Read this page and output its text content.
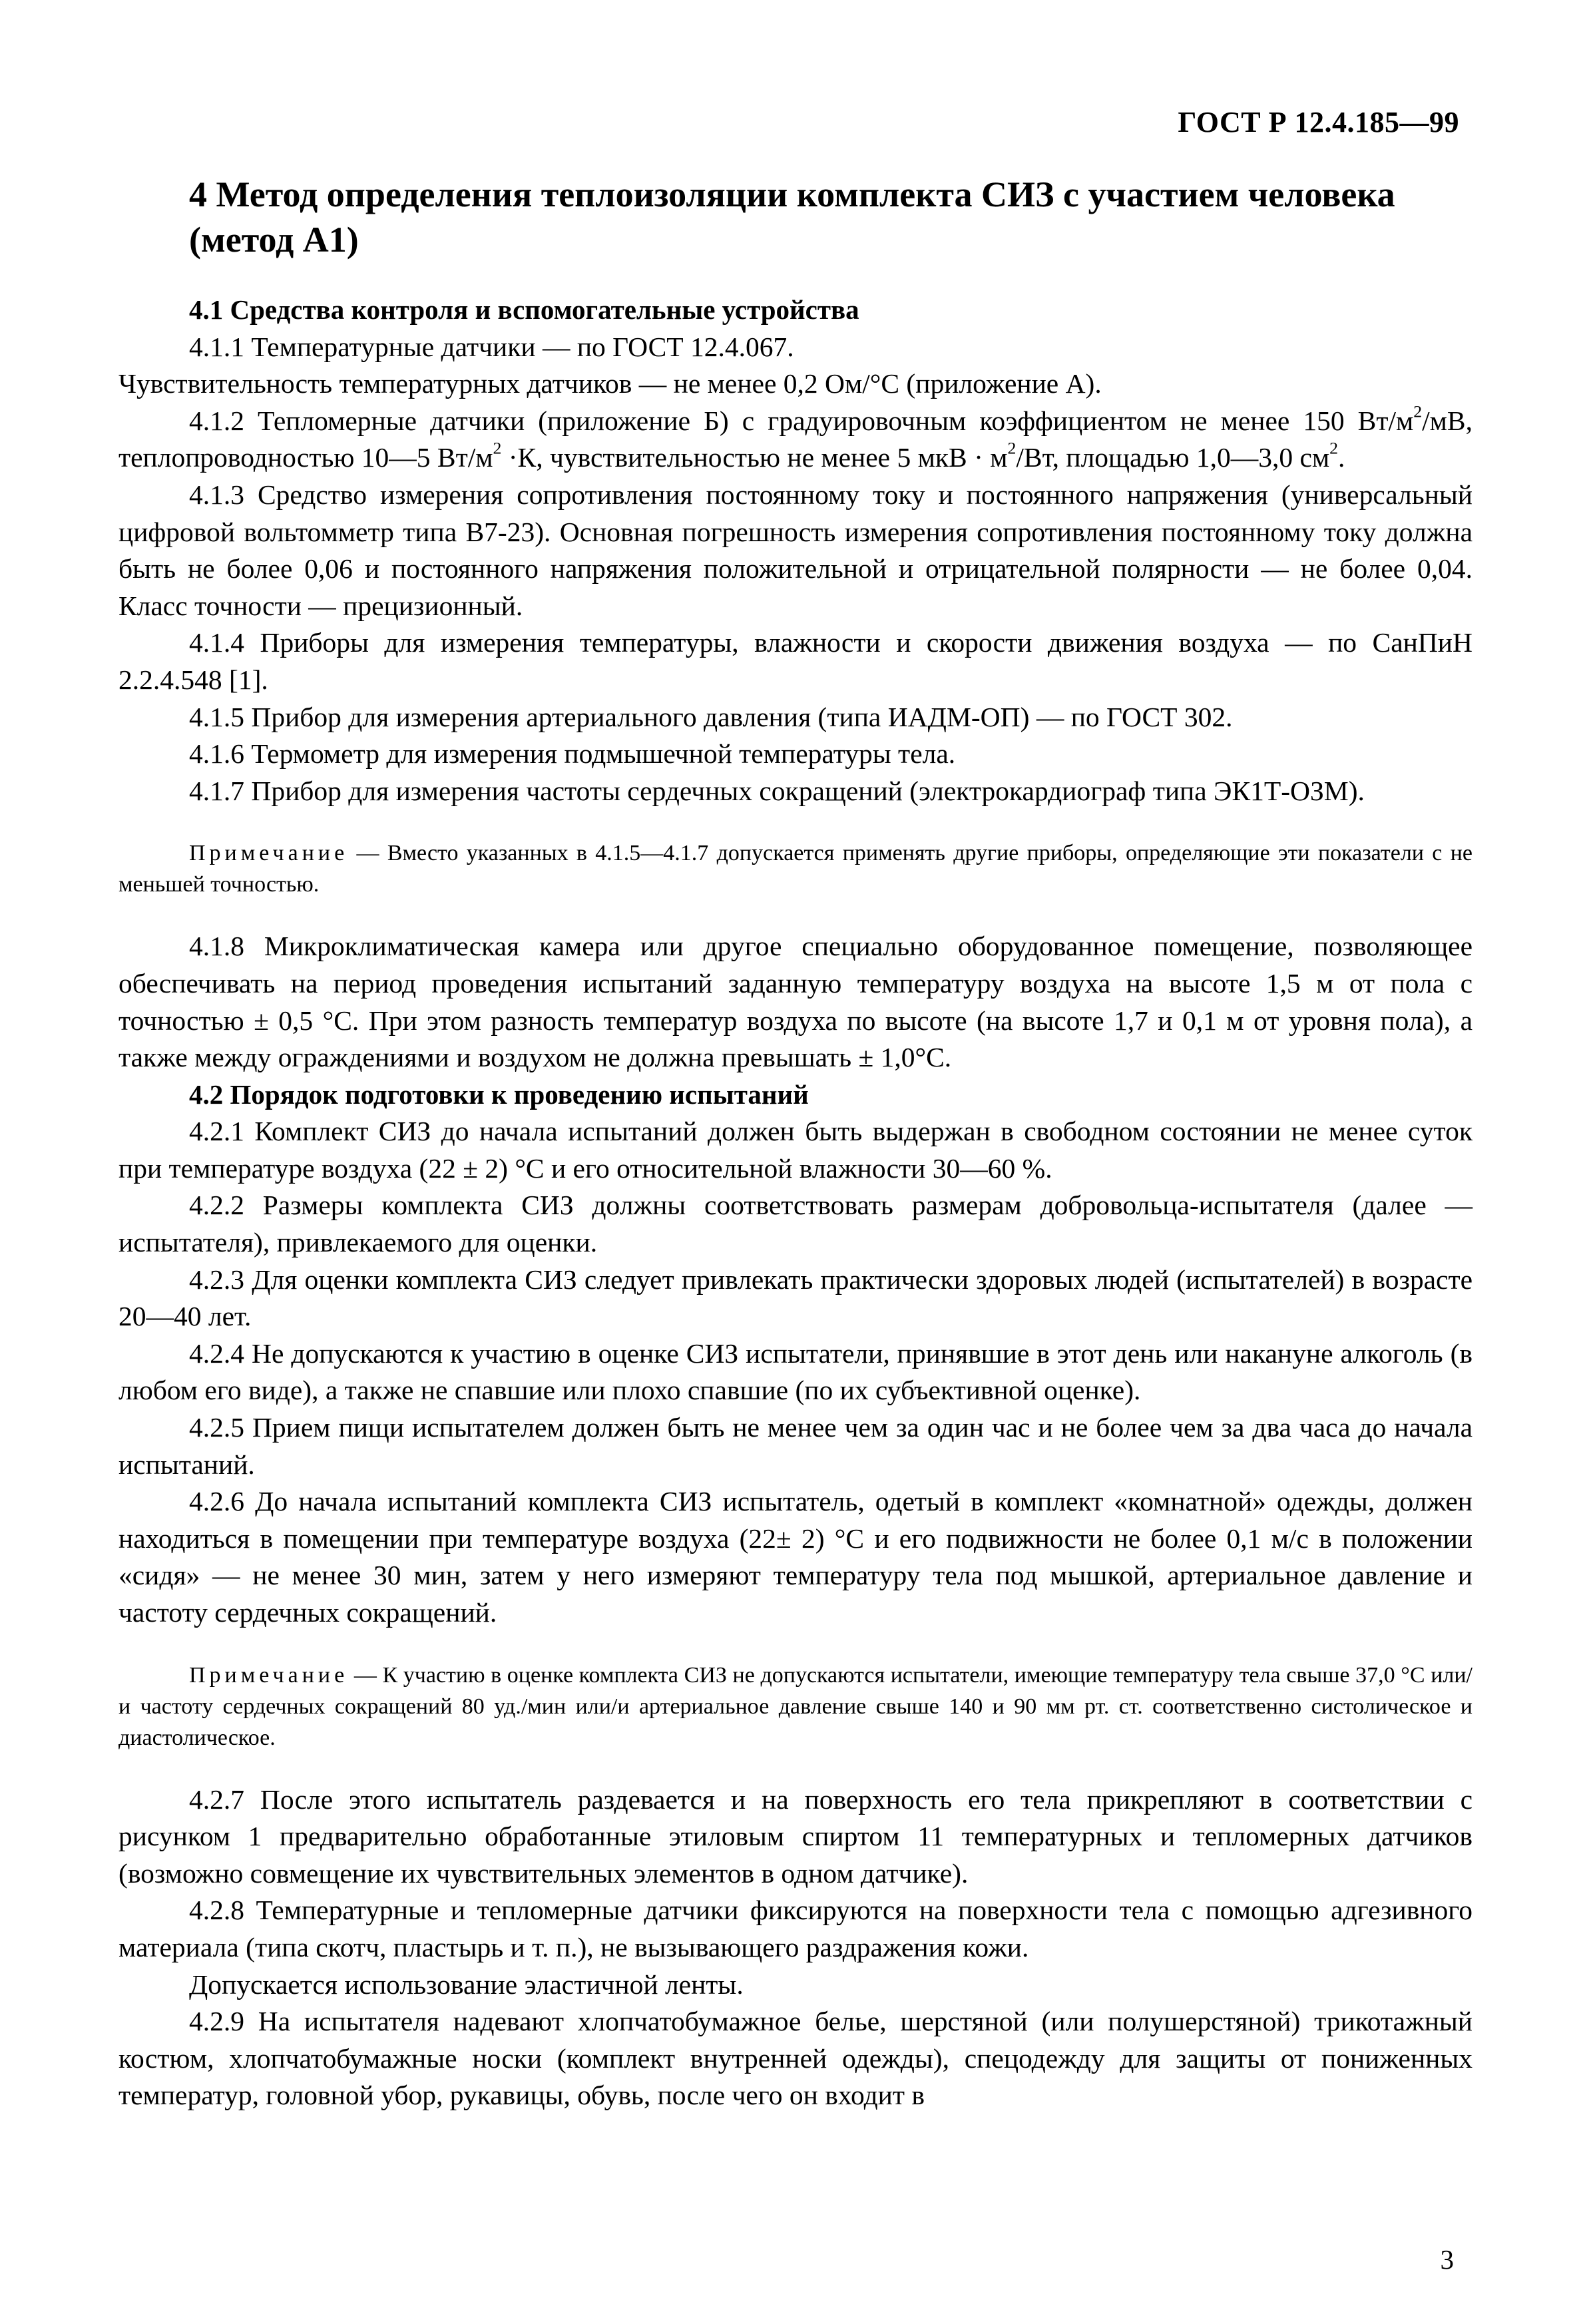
ГОСТ Р 12.4.185—99
4 Метод определения теплоизоляции комплекта СИЗ с участием человека (метод А1)

4.1 Средства контроля и вспомогательные устройства

4.1.1 Температурные датчики — по ГОСТ 12.4.067.

Чувствительность температурных датчиков — не менее 0,2 Ом/°С (приложение А).

4.1.2 Тепломерные датчики (приложение Б) с градуировочным коэффициентом не менее 150 $Вт/м^2/мВ$, теплопроводностью 10—5 $Вт/м^2 \cdot К$, чувствительностью не менее 5 мкВ · $м^2/Вт$, площадью 1,0—3,0 $см^2$.

4.1.3 Средство измерения сопротивления постоянному току и постоянного напряжения (универсальный цифровой вольтомметр типа В7-23). Основная погрешность измерения сопротивления постоянному току должна быть не более 0,06 и постоянного напряжения положительной и отрицательной полярности — не более 0,04. Класс точности — прецизионный.

4.1.4 Приборы для измерения температуры, влажности и скорости движения воздуха — по СанПиН 2.2.4.548 [1].

4.1.5 Прибор для измерения артериального давления (типа ИАДМ-ОП) — по ГОСТ 302.

4.1.6 Термометр для измерения подмышечной температуры тела.

4.1.7 Прибор для измерения частоты сердечных сокращений (электрокардиограф типа ЭК1Т-ОЗМ).

Примечание — Вместо указанных в 4.1.5—4.1.7 допускается применять другие приборы, определяющие эти показатели с не меньшей точностью.

4.1.8 Микроклиматическая камера или другое специально оборудованное помещение, позволяющее обеспечивать на период проведения испытаний заданную температуру воздуха на высоте 1,5 м от пола с точностью ± 0,5 °С. При этом разность температур воздуха по высоте (на высоте 1,7 и 0,1 м от уровня пола), а также между ограждениями и воздухом не должна превышать ± 1,0°С.

4.2 Порядок подготовки к проведению испытаний

4.2.1 Комплект СИЗ до начала испытаний должен быть выдержан в свободном состоянии не менее суток при температуре воздуха (22 ± 2) °С и его относительной влажности 30—60 %.

4.2.2 Размеры комплекта СИЗ должны соответствовать размерам добровольца-испытателя (далее — испытателя), привлекаемого для оценки.

4.2.3 Для оценки комплекта СИЗ следует привлекать практически здоровых людей (испытателей) в возрасте 20—40 лет.

4.2.4 Не допускаются к участию в оценке СИЗ испытатели, принявшие в этот день или накануне алкоголь (в любом его виде), а также не спавшие или плохо спавшие (по их субъективной оценке).

4.2.5 Прием пищи испытателем должен быть не менее чем за один час и не более чем за два часа до начала испытаний.

4.2.6 До начала испытаний комплекта СИЗ испытатель, одетый в комплект «комнатной» одежды, должен находиться в помещении при температуре воздуха (22± 2) °С и его подвижности не более 0,1 м/с в положении «сидя» — не менее 30 мин, затем у него измеряют температуру тела под мышкой, артериальное давление и частоту сердечных сокращений.

Примечание — К участию в оценке комплекта СИЗ не допускаются испытатели, имеющие температуру тела свыше 37,0 °С или/и частоту сердечных сокращений 80 уд./мин или/и артериальное давление свыше 140 и 90 мм рт. ст. соответственно систолическое и диастолическое.

4.2.7 После этого испытатель раздевается и на поверхность его тела прикрепляют в соответствии с рисунком 1 предварительно обработанные этиловым спиртом 11 температурных и тепломерных датчиков (возможно совмещение их чувствительных элементов в одном датчике).

4.2.8 Температурные и тепломерные датчики фиксируются на поверхности тела с помощью адгезивного материала (типа скотч, пластырь и т. п.), не вызывающего раздражения кожи.

Допускается использование эластичной ленты.

4.2.9 На испытателя надевают хлопчатобумажное белье, шерстяной (или полушерстяной) трикотажный костюм, хлопчатобумажные носки (комплект внутренней одежды), спецодежду для защиты от пониженных температур, головной убор, рукавицы, обувь, после чего он входит в

3
